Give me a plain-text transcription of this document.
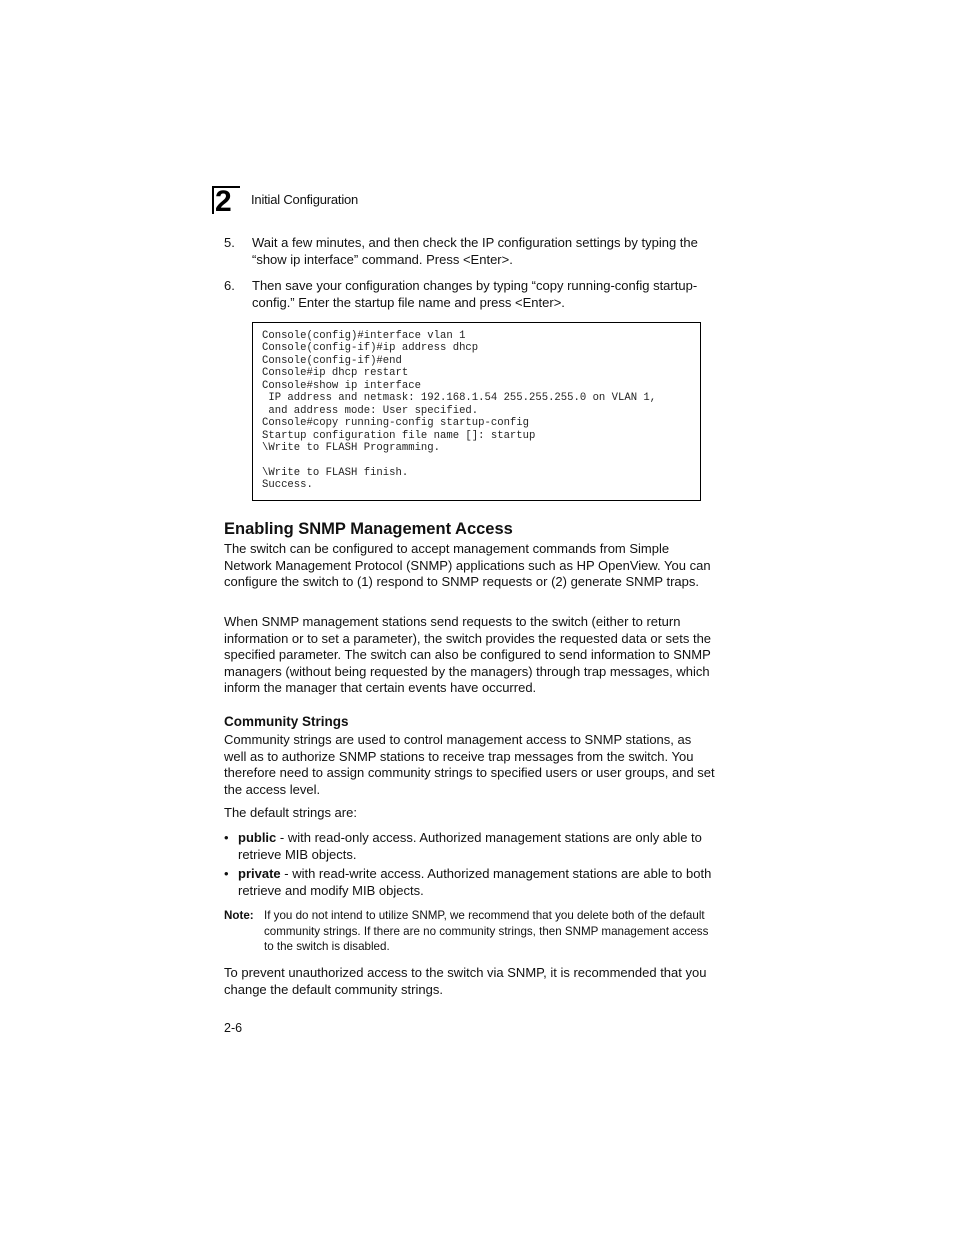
2	Initial Configuration
5. Wait a few minutes, and then check the IP configuration settings by typing the “show ip interface” command. Press <Enter>.
6. Then save your configuration changes by typing “copy running-config startup-config.” Enter the startup file name and press <Enter>.
Console(config)#interface vlan 1
Console(config-if)#ip address dhcp
Console(config-if)#end
Console#ip dhcp restart
Console#show ip interface
IP address and netmask: 192.168.1.54 255.255.255.0 on VLAN 1,
and address mode: User specified.
Console#copy running-config startup-config
Startup configuration file name []: startup
\Write to FLASH Programming.

\Write to FLASH finish.
Success.
Enabling SNMP Management Access

The switch can be configured to accept management commands from Simple Network Management Protocol (SNMP) applications such as HP OpenView. You can configure the switch to (1) respond to SNMP requests or (2) generate SNMP traps.

When SNMP management stations send requests to the switch (either to return information or to set a parameter), the switch provides the requested data or sets the specified parameter. The switch can also be configured to send information to SNMP managers (without being requested by the managers) through trap messages, which inform the manager that certain events have occurred.

Community Strings

Community strings are used to control management access to SNMP stations, as well as to authorize SNMP stations to receive trap messages from the switch. You therefore need to assign community strings to specified users or user groups, and set the access level.

The default strings are:

• public - with read-only access. Authorized management stations are only able to retrieve MIB objects.
• private - with read-write access. Authorized management stations are able to both retrieve and modify MIB objects.
Note: If you do not intend to utilize SNMP, we recommend that you delete both of the default community strings. If there are no community strings, then SNMP management access to the switch is disabled.

To prevent unauthorized access to the switch via SNMP, it is recommended that you change the default community strings.

2-6
